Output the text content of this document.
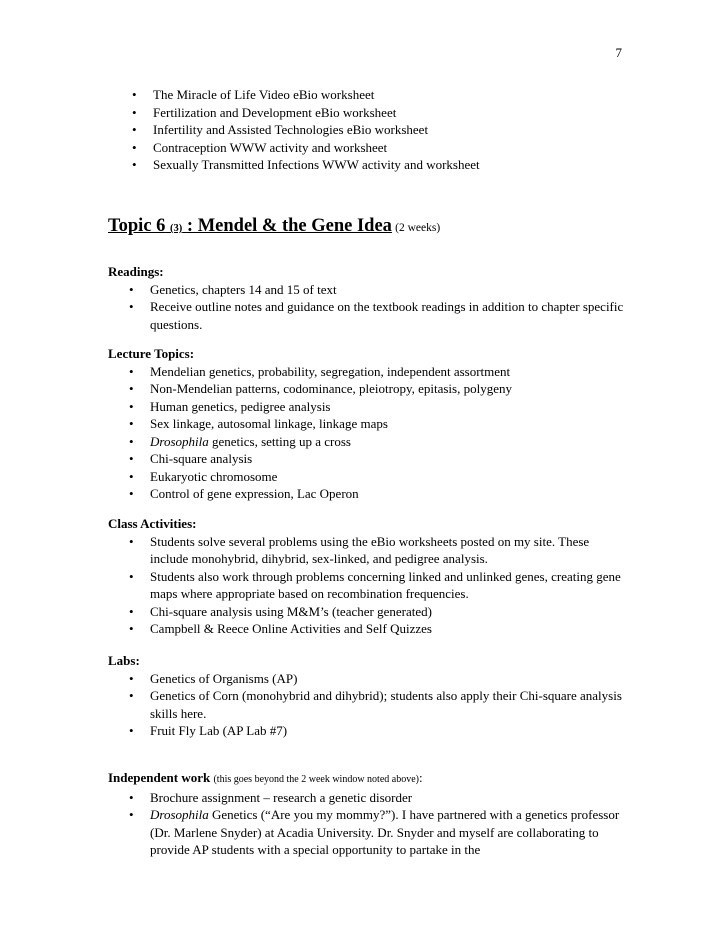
7
• The Miracle of Life Video eBio worksheet
• Fertilization and Development eBio worksheet
• Infertility and Assisted Technologies eBio worksheet
• Contraception WWW activity and worksheet
• Sexually Transmitted Infections WWW activity and worksheet
Topic 6 (3) : Mendel & the Gene Idea (2 weeks)
Readings:
• Genetics, chapters 14 and 15 of text
• Receive outline notes and guidance on the textbook readings in addition to chapter specific questions.
Lecture Topics:
• Mendelian genetics, probability, segregation, independent assortment
• Non-Mendelian patterns, codominance, pleiotropy, epitasis, polygeny
• Human genetics, pedigree analysis
• Sex linkage, autosomal linkage, linkage maps
• Drosophila genetics, setting up a cross
• Chi-square analysis
• Eukaryotic chromosome
• Control of gene expression, Lac Operon
Class Activities:
• Students solve several problems using the eBio worksheets posted on my site. These include monohybrid, dihybrid, sex-linked, and pedigree analysis.
• Students also work through problems concerning linked and unlinked genes, creating gene maps where appropriate based on recombination frequencies.
• Chi-square analysis using M&M’s (teacher generated)
• Campbell & Reece Online Activities and Self Quizzes
Labs:
• Genetics of Organisms (AP)
• Genetics of Corn (monohybrid and dihybrid); students also apply their Chi-square analysis skills here.
• Fruit Fly Lab (AP Lab #7)
Independent work (this goes beyond the 2 week window noted above):
• Brochure assignment – research a genetic disorder
• Drosophila Genetics (“Are you my mommy?”). I have partnered with a genetics professor (Dr. Marlene Snyder) at Acadia University. Dr. Snyder and myself are collaborating to provide AP students with a special opportunity to partake in the
